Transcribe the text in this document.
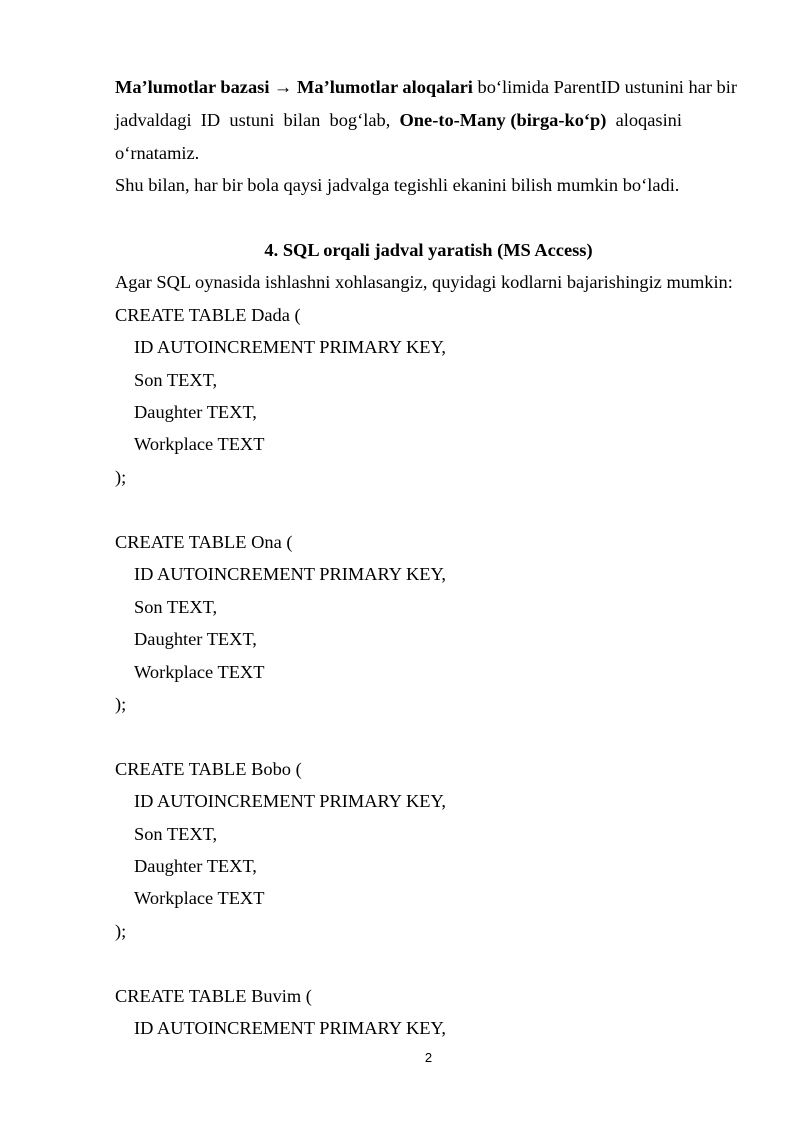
Ma’lumotlar bazasi → Ma’lumotlar aloqalari bo‘limida ParentID ustunini har bir
jadvaldagi  ID  ustuni  bilan  bog‘lab,  One-to-Many (birga-ko‘p)  aloqasini
o‘rnatamiz.
Shu bilan, har bir bola qaysi jadvalga tegishli ekanini bilish mumkin bo‘ladi.
4. SQL orqali jadval yaratish (MS Access)
Agar SQL oynasida ishlashni xohlasangiz, quyidagi kodlarni bajarishingiz mumkin:
CREATE TABLE Dada (
ID AUTOINCREMENT PRIMARY KEY,
Son TEXT,
Daughter TEXT,
Workplace TEXT
);
CREATE TABLE Ona (
ID AUTOINCREMENT PRIMARY KEY,
Son TEXT,
Daughter TEXT,
Workplace TEXT
);
CREATE TABLE Bobo (
ID AUTOINCREMENT PRIMARY KEY,
Son TEXT,
Daughter TEXT,
Workplace TEXT
);
CREATE TABLE Buvim (
ID AUTOINCREMENT PRIMARY KEY,
2
